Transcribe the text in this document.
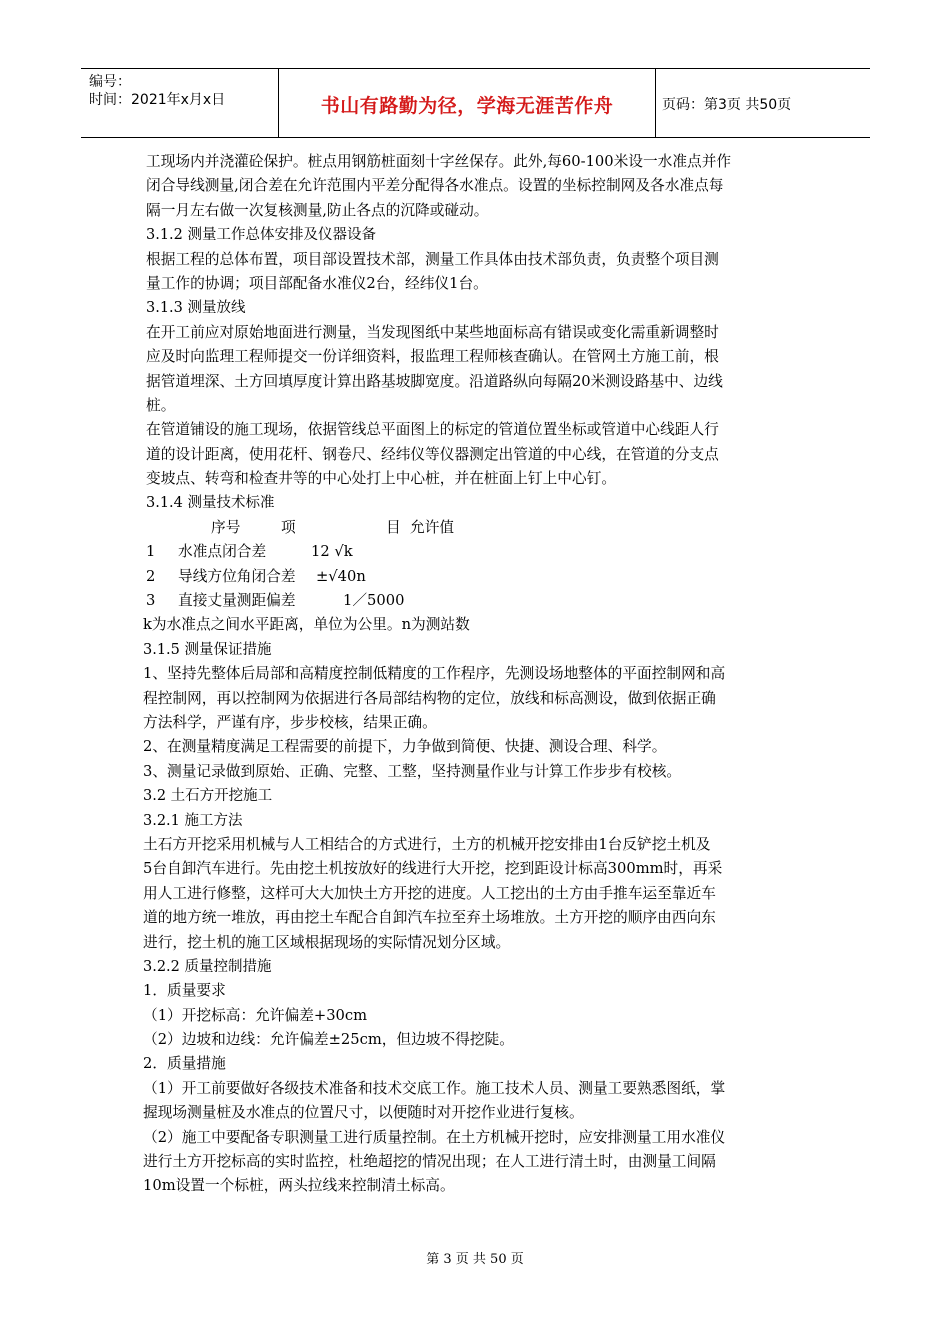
编号：
时间：2021年x月x日	书山有路勤为径，学海无涯苦作舟	页码：第3页 共50页
工现场内并浇灌砼保护。桩点用钢筋桩面刻十字丝保存。此外,每60-100米设一水准点并作
闭合导线测量,闭合差在允许范围内平差分配得各水准点。设置的坐标控制网及各水准点每
隔一月左右做一次复核测量,防止各点的沉降或碰动。
3.1.2 测量工作总体安排及仪器设备
根据工程的总体布置，项目部设置技术部，测量工作具体由技术部负责，负责整个项目测
量工作的协调；项目部配备水准仪2台，经纬仪1台。
3.1.3 测量放线
在开工前应对原始地面进行测量，当发现图纸中某些地面标高有错误或变化需重新调整时
应及时向监理工程师提交一份详细资料，报监理工程师核查确认。在管网土方施工前，根
据管道埋深、土方回填厚度计算出路基坡脚宽度。沿道路纵向每隔20米测设路基中、边线
桩。
在管道铺设的施工现场，依据管线总平面图上的标定的管道位置坐标或管道中心线距人行
道的设计距离，使用花杆、钢卷尺、经纬仪等仪器测定出管道的中心线，在管道的分支点
变坡点、转弯和检查井等的中心处打上中心桩，并在桩面上钉上中心钉。
3.1.4 测量技术标准
序号	项	目 允许值
1 水准点闭合差	12 √k
2 导线方位角闭合差 ±√40n
3 直接丈量测距偏差	1／5000
k为水准点之间水平距离，单位为公里。n为测站数
3.1.5 测量保证措施
1、坚持先整体后局部和高精度控制低精度的工作程序，先测设场地整体的平面控制网和高
程控制网，再以控制网为依据进行各局部结构物的定位，放线和标高测设，做到依据正确
方法科学，严谨有序，步步校核，结果正确。
2、在测量精度满足工程需要的前提下，力争做到简便、快捷、测设合理、科学。
3、测量记录做到原始、正确、完整、工整，坚持测量作业与计算工作步步有校核。
3.2 土石方开挖施工
3.2.1 施工方法
土石方开挖采用机械与人工相结合的方式进行，土方的机械开挖安排由1台反铲挖土机及
5台自卸汽车进行。先由挖土机按放好的线进行大开挖，挖到距设计标高300mm时，再采
用人工进行修整，这样可大大加快土方开挖的进度。人工挖出的土方由手推车运至靠近车
道的地方统一堆放，再由挖土车配合自卸汽车拉至弃土场堆放。土方开挖的顺序由西向东
进行，挖土机的施工区域根据现场的实际情况划分区域。
3.2.2 质量控制措施
1．质量要求
（1）开挖标高：允许偏差+30cm
（2）边坡和边线：允许偏差±25cm，但边坡不得挖陡。
2．质量措施
（1）开工前要做好各级技术准备和技术交底工作。施工技术人员、测量工要熟悉图纸，掌
握现场测量桩及水准点的位置尺寸，以便随时对开挖作业进行复核。
（2）施工中要配备专职测量工进行质量控制。在土方机械开挖时，应安排测量工用水准仪
进行土方开挖标高的实时监控，杜绝超挖的情况出现；在人工进行清土时，由测量工间隔
10m设置一个标桩，两头拉线来控制清土标高。
第 3 页 共 50 页
